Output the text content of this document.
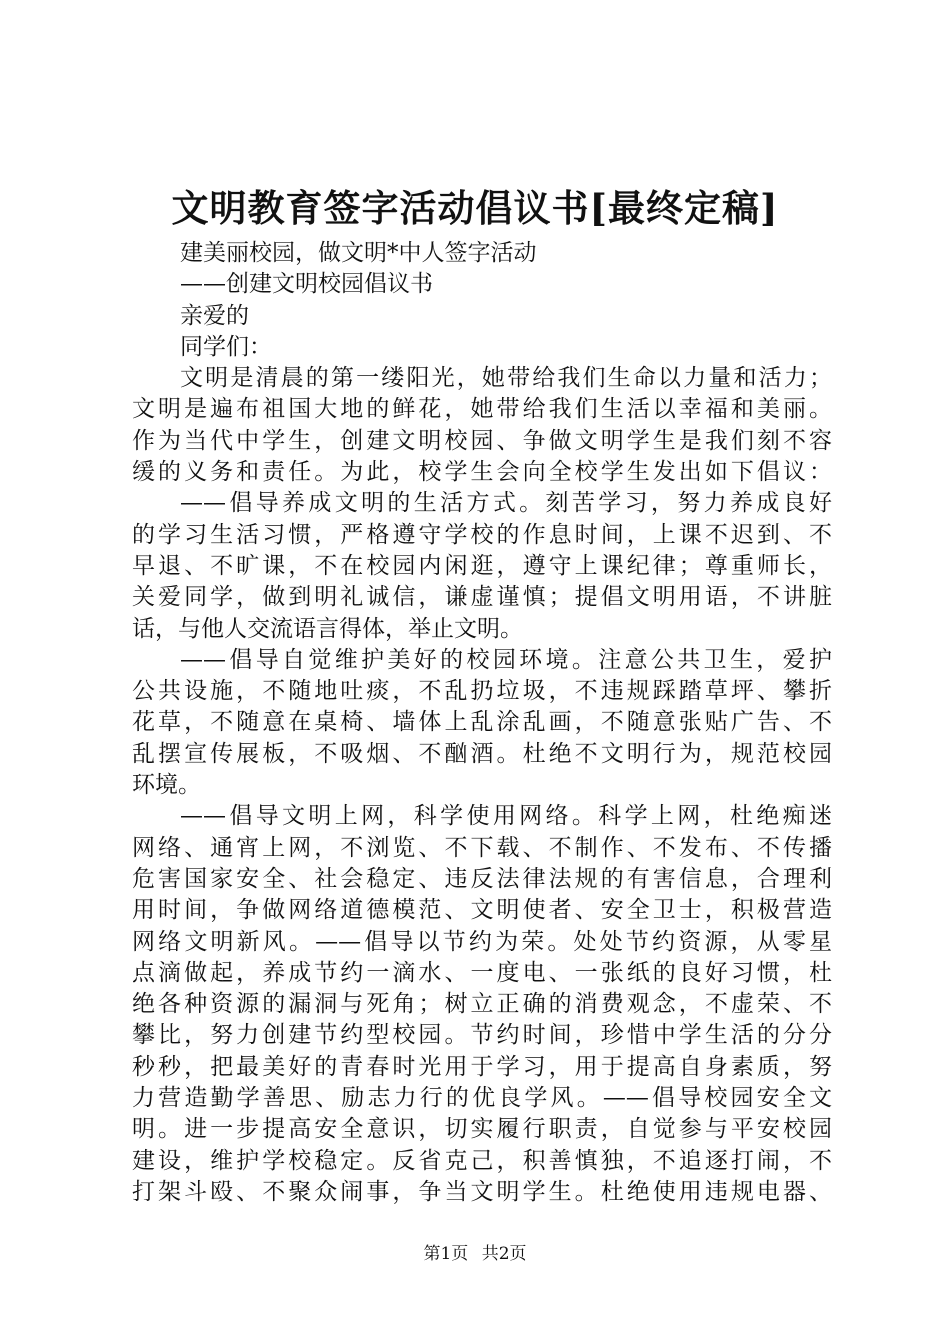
文明教育签字活动倡议书[最终定稿]
建美丽校园，做文明*中人签字活动
——创建文明校园倡议书
亲爱的
同学们：
文明是清晨的第一缕阳光，她带给我们生命以力量和活力；
文明是遍布祖国大地的鲜花，她带给我们生活以幸福和美丽。
作为当代中学生，创建文明校园、争做文明学生是我们刻不容
缓的义务和责任。为此，校学生会向全校学生发出如下倡议：
——倡导养成文明的生活方式。刻苦学习，努力养成良好
的学习生活习惯，严格遵守学校的作息时间，上课不迟到、不
早退、不旷课，不在校园内闲逛，遵守上课纪律；尊重师长，
关爱同学，做到明礼诚信，谦虚谨慎；提倡文明用语，不讲脏
话，与他人交流语言得体，举止文明。
——倡导自觉维护美好的校园环境。注意公共卫生，爱护
公共设施，不随地吐痰，不乱扔垃圾，不违规踩踏草坪、攀折
花草，不随意在桌椅、墙体上乱涂乱画，不随意张贴广告、不
乱摆宣传展板，不吸烟、不酗酒。杜绝不文明行为，规范校园
环境。
——倡导文明上网，科学使用网络。科学上网，杜绝痴迷
网络、通宵上网，不浏览、不下载、不制作、不发布、不传播
危害国家安全、社会稳定、违反法律法规的有害信息，合理利
用时间，争做网络道德模范、文明使者、安全卫士，积极营造
网络文明新风。——倡导以节约为荣。处处节约资源，从零星
点滴做起，养成节约一滴水、一度电、一张纸的良好习惯，杜
绝各种资源的漏洞与死角；树立正确的消费观念，不虚荣、不
攀比，努力创建节约型校园。节约时间，珍惜中学生活的分分
秒秒，把最美好的青春时光用于学习，用于提高自身素质，努
力营造勤学善思、励志力行的优良学风。——倡导校园安全文
明。进一步提高安全意识，切实履行职责，自觉参与平安校园
建设，维护学校稳定。反省克己，积善慎独，不追逐打闹，不
打架斗殴、不聚众闹事，争当文明学生。杜绝使用违规电器、
第1页 共2页
